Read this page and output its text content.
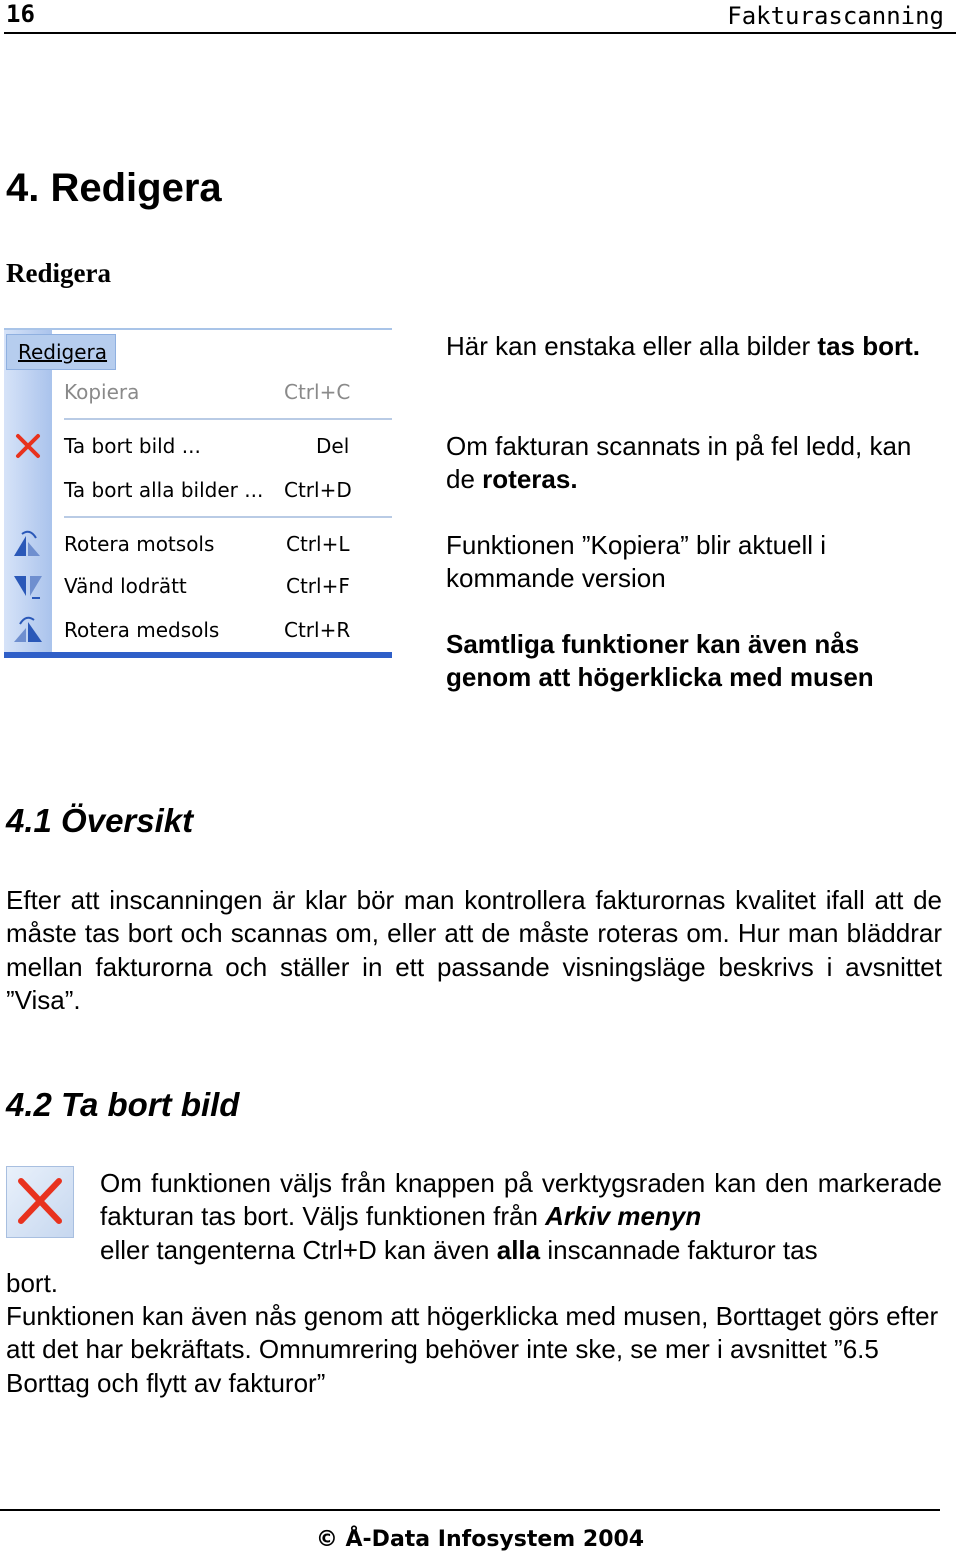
16	Fakturascanning
4. Redigera
Redigera
Redigera
Kopiera	Ctrl+C
Ta bort bild ...	Del
Ta bort alla bilder ... Ctrl+D
Rotera motsols	Ctrl+L
Vänd lodrätt	Ctrl+F
Rotera medsols	Ctrl+R
Här kan enstaka eller alla bilder tas bort.
Om fakturan scannats in på fel ledd, kan de roteras.
Funktionen ”Kopiera” blir aktuell i kommande version
Samtliga funktioner kan även nås genom att högerklicka med musen
4.1 Översikt
Efter att inscanningen är klar bör man kontrollera fakturornas kvalitet ifall att de måste tas bort och scannas om, eller att de måste roteras om. Hur man bläddrar mellan fakturorna och ställer in ett passande visningsläge beskrivs i avsnittet ”Visa”.
4.2 Ta bort bild
Om funktionen väljs från knappen på verktygsraden kan den markerade fakturan tas bort. Väljs funktionen från Arkiv menyn
eller tangenterna Ctrl+D kan även alla inscannade fakturor tas
bort.
Funktionen kan även nås genom att högerklicka med musen, Borttaget görs efter att det har bekräftats. Omnumrering behöver inte ske, se mer i avsnittet ”6.5 Borttag och flytt av fakturor”
© Å-Data Infosystem 2004
